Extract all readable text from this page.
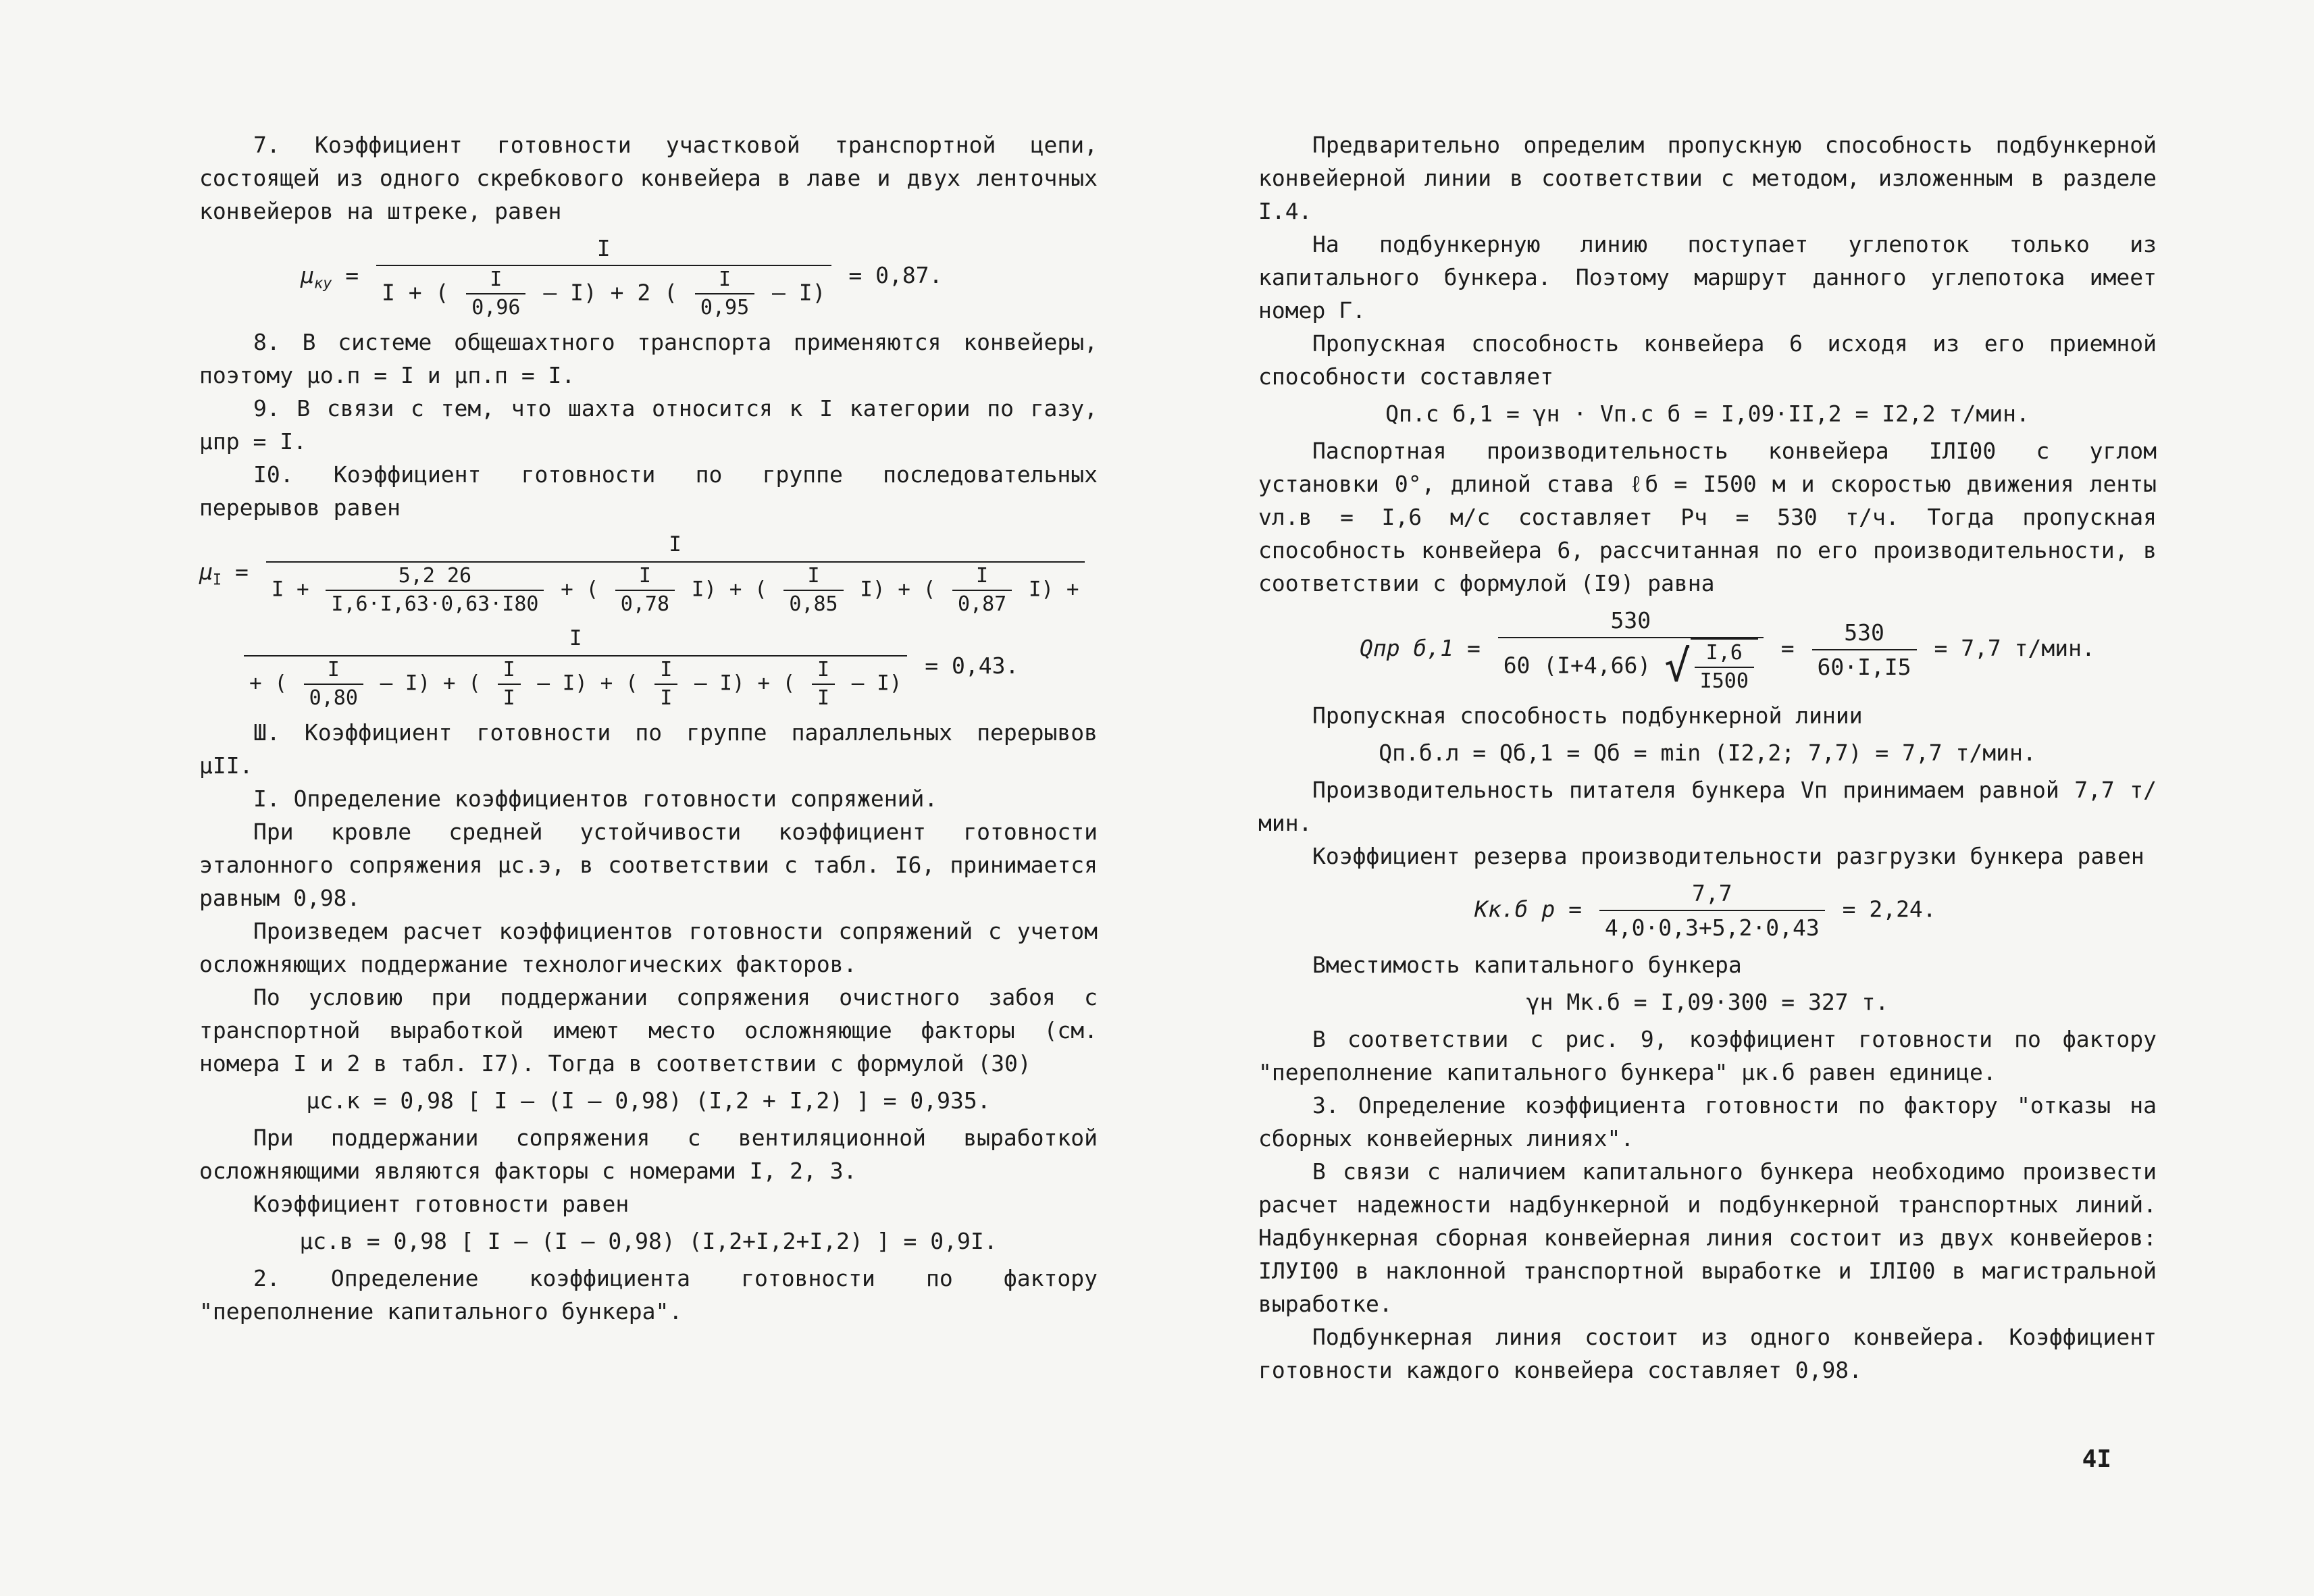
7. Коэффициент готовности участковой транспортной цепи, состоящей из одного скребкового конвейера в лаве и двух ленточных конвейеров на штреке, равен

$\mu_{ку}$ =
I
I + ( $\frac{I}{0,96} - I) + 2$ ( $\frac{I}{0,95} - I$)
= 0,87.

8. В системе общешахтного транспорта применяются конвейеры, поэтому μо.п = I и μп.п = I.

9. В связи с тем, что шахта относится к I категории по газу, μпр = I.

I0. Коэффициент готовности по группе последовательных перерывов равен

$\mu_I$ =
I
$I + \frac{5,2 26}{I,6\cdot I,63\cdot 0,63\cdot I80}$ + ( $\frac{I}{0,78} I$) + ( $\frac{I}{0,85} I$) + ( $\frac{I}{0,87} I$) +
I
+ ( $\frac{I}{0,80} - I$) + ( $\frac{I}{I} - I$) + ( $\frac{I}{I} - I$) + ( $\frac{I}{I} - I$)
= 0,43.

Ш. Коэффициент готовности по группе параллельных перерывов μII.

I. Определение коэффициентов готовности сопряжений.

При кровле средней устойчивости коэффициент готовности эталонного сопряжения μс.э, в соответствии с табл. I6, принимается равным 0,98.

Произведем расчет коэффициентов готовности сопряжений с учетом осложняющих поддержание технологических факторов.

По условию при поддержании сопряжения очистного забоя с транспортной выработкой имеют место осложняющие факторы (см. номера I и 2 в табл. I7). Тогда в соответствии с формулой (30)

μс.к = 0,98 [ I – (I – 0,98) (I,2 + I,2) ] = 0,935.

При поддержании сопряжения с вентиляционной выработкой осложняющими являются факторы с номерами I, 2, 3.

Коэффициент готовности равен

μс.в = 0,98 [ I – (I – 0,98) (I,2+I,2+I,2) ] = 0,9I.

2. Определение коэффициента готовности по фактору "переполнение капитального бункера".

Предварительно определим пропускную способность подбункерной конвейерной линии в соответствии с методом, изложенным в разделе I.4.

На подбункерную линию поступает углепоток только из капитального бункера. Поэтому маршрут данного углепотока имеет номер Г.

Пропускная способность конвейера 6 исходя из его приемной способности составляет

Qп.с б,1 = γн · Vп.с б = I,09·II,2 = I2,2 т/мин.

Паспортная производительность конвейера IЛI00 с углом установки 0°, длиной става ℓб = I500 м и скоростью движения ленты vл.в = I,6 м/с составляет Pч = 530 т/ч. Тогда пропускная способность конвейера 6, рассчитанная по его производительности, в соответствии с формулой (I9) равна

Qпр $б,1 = \frac{530}{60 (I+4,66) √ \frac{I,6}{I500}} = \frac{530}{60\cdot I,I5} = 7,7$ т/мин.

Пропускная способность подбункерной линии

Qп.б.л = Qб,1 = Qб = min (I2,2; 7,7) = 7,7 т/мин.

Производительность питателя бункера Vп принимаем равной 7,7 т/мин.

Коэффициент резерва производительности разгрузки бункера равен

Kк.б $р = \frac{7,7}{4,0\cdot 0,3+5,2\cdot 0,43} = 2,24$.

Вместимость капитального бункера

γн Mк.б = I,09·300 = 327 т.

В соответствии с рис. 9, коэффициент готовности по фактору "переполнение капитального бункера" μк.б равен единице.

3. Определение коэффициента готовности по фактору "отказы на сборных конвейерных линиях".

В связи с наличием капитального бункера необходимо произвести расчет надежности надбункерной и подбункерной транспортных линий. Надбункерная сборная конвейерная линия состоит из двух конвейеров: IЛУI00 в наклонной транспортной выработке и IЛI00 в магистральной выработке.

Подбункерная линия состоит из одного конвейера. Коэффициент готовности каждого конвейера составляет 0,98.

4I
